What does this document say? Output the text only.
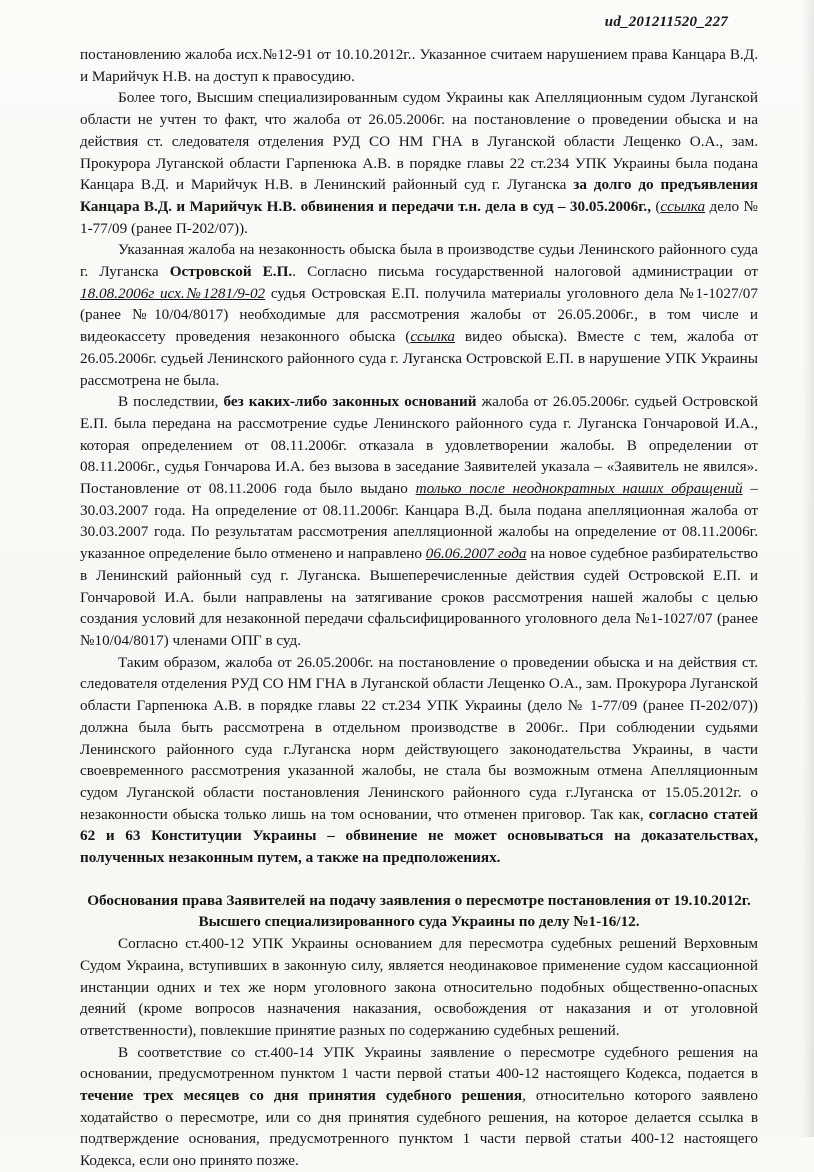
ud_201211520_227

постановлению жалоба исх.№12-91 от 10.10.2012г.. Указанное считаем нарушением права Канцара В.Д. и Марийчук Н.В. на доступ к правосудию.

Более того, Высшим специализированным судом Украины как Апелляционным судом Луганской области не учтен то факт, что жалоба от 26.05.2006г. на постановление о проведении обыска и на действия ст. следователя отделения РУД СО НМ ГНА в Луганской области Лещенко О.А., зам. Прокурора Луганской области Гарпенюка А.В. в порядке главы 22 ст.234 УПК Украины была подана Канцара В.Д. и Марийчук Н.В. в Ленинский районный суд г. Луганска за долго до предъявления Канцара В.Д. и Марийчук Н.В. обвинения и передачи т.н. дела в суд – 30.05.2006г., (ссылка дело № 1-77/09 (ранее П-202/07)).

Указанная жалоба на незаконность обыска была в производстве судьи Ленинского районного суда г. Луганска Островской Е.П.. Согласно письма государственной налоговой администрации от 18.08.2006г исх.№1281/9-02 судья Островская Е.П. получила материалы уголовного дела №1-1027/07 (ранее №10/04/8017) необходимые для рассмотрения жалобы от 26.05.2006г., в том числе и видеокассету проведения незаконного обыска (ссылка видео обыска). Вместе с тем, жалоба от 26.05.2006г. судьей Ленинского районного суда г. Луганска Островской Е.П. в нарушение УПК Украины рассмотрена не была.

В последствии, без каких-либо законных оснований жалоба от 26.05.2006г. судьей Островской Е.П. была передана на рассмотрение судье Ленинского районного суда г. Луганска Гончаровой И.А., которая определением от 08.11.2006г. отказала в удовлетворении жалобы. В определении от 08.11.2006г., судья Гончарова И.А. без вызова в заседание Заявителей указала – «Заявитель не явился». Постановление от 08.11.2006 года было выдано только после неоднократных наших обращений – 30.03.2007 года. На определение от 08.11.2006г. Канцара В.Д. была подана апелляционная жалоба от 30.03.2007 года. По результатам рассмотрения апелляционной жалобы на определение от 08.11.2006г. указанное определение было отменено и направлено 06.06.2007 года на новое судебное разбирательство в Ленинский районный суд г. Луганска. Вышеперечисленные действия судей Островской Е.П. и Гончаровой И.А. были направлены на затягивание сроков рассмотрения нашей жалобы с целью создания условий для незаконной передачи сфальсифицированного уголовного дела №1-1027/07 (ранее №10/04/8017) членами ОПГ в суд.

Таким образом, жалоба от 26.05.2006г. на постановление о проведении обыска и на действия ст. следователя отделения РУД СО НМ ГНА в Луганской области Лещенко О.А., зам. Прокурора Луганской области Гарпенюка А.В. в порядке главы 22 ст.234 УПК Украины (дело № 1-77/09 (ранее П-202/07)) должна была быть рассмотрена в отдельном производстве в 2006г.. При соблюдении судьями Ленинского районного суда г.Луганска норм действующего законодательства Украины, в части своевременного рассмотрения указанной жалобы, не стала бы возможным отмена Апелляционным судом Луганской области постановления Ленинского районного суда г.Луганска от 15.05.2012г. о незаконности обыска только лишь на том основании, что отменен приговор. Так как, согласно статей 62 и 63 Конституции Украины – обвинение не может основываться на доказательствах, полученных незаконным путем, а также на предположениях.

Обоснования права Заявителей на подачу заявления о пересмотре постановления от 19.10.2012г. Высшего специализированного суда Украины по делу №1-16/12.

Согласно ст.400-12 УПК Украины основанием для пересмотра судебных решений Верховным Судом Украина, вступивших в законную силу, является неодинаковое применение судом кассационной инстанции одних и тех же норм уголовного закона относительно подобных общественно-опасных деяний (кроме вопросов назначения наказания, освобождения от наказания и от уголовной ответственности), повлекшие принятие разных по содержанию судебных решений.

В соответствие со ст.400-14 УПК Украины заявление о пересмотре судебного решения на основании, предусмотренном пунктом 1 части первой статьи 400-12 настоящего Кодекса, подается в течение трех месяцев со дня принятия судебного решения, относительно которого заявлено ходатайство о пересмотре, или со дня принятия судебного решения, на которое делается ссылка в подтверждение основания, предусмотренного пунктом 1 части первой статьи 400-12 настоящего Кодекса, если оно принято позже.
